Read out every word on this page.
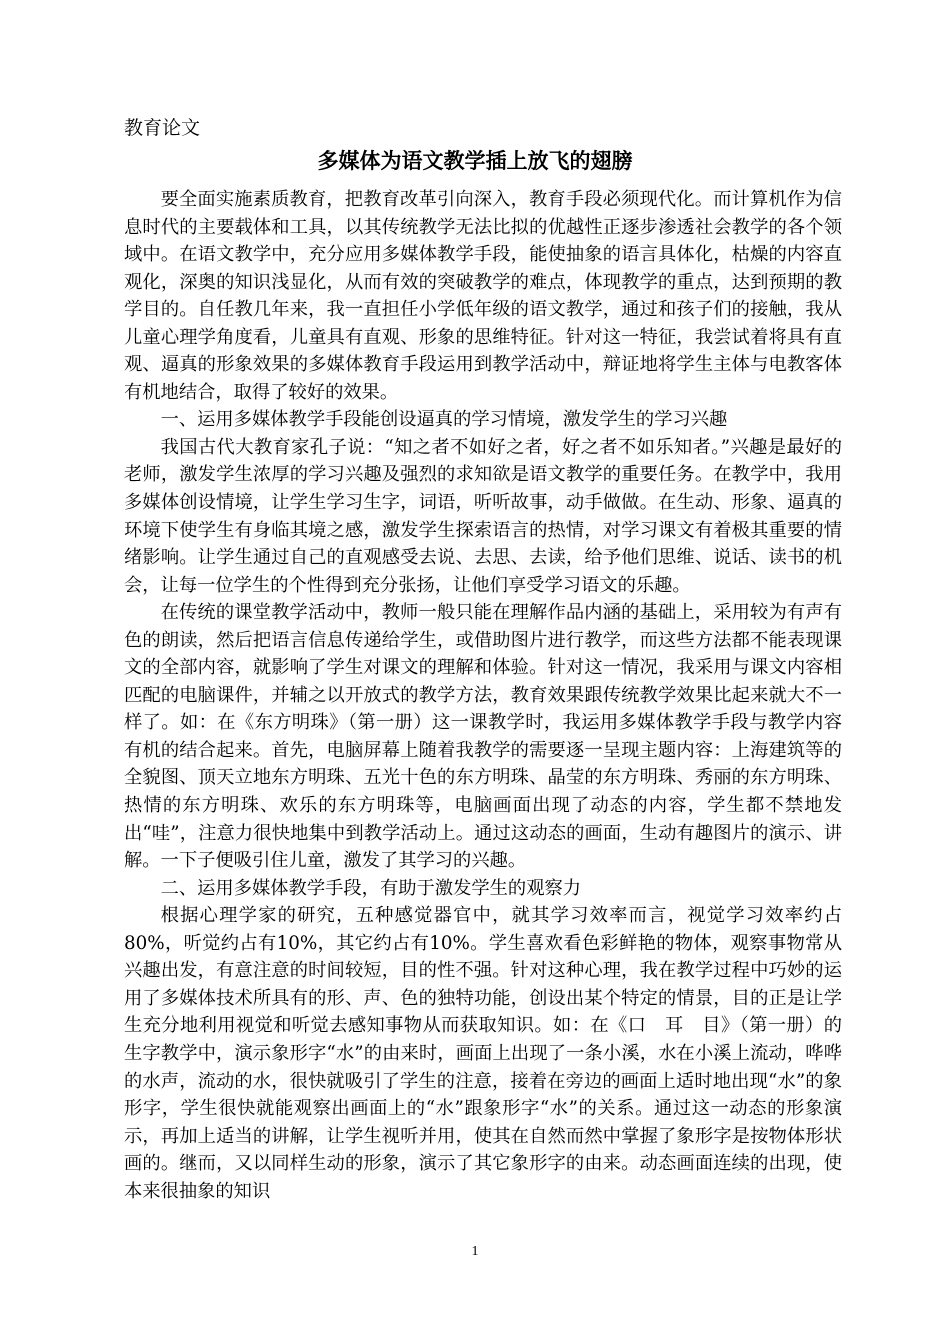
教育论文
多媒体为语文教学插上放飞的翅膀

要全面实施素质教育，把教育改革引向深入，教育手段必须现代化。而计算机作为信息时代的主要载体和工具，以其传统教学无法比拟的优越性正逐步渗透社会教学的各个领域中。在语文教学中，充分应用多媒体教学手段，能使抽象的语言具体化，枯燥的内容直观化，深奥的知识浅显化，从而有效的突破教学的难点，体现教学的重点，达到预期的教学目的。自任教几年来，我一直担任小学低年级的语文教学，通过和孩子们的接触，我从儿童心理学角度看，儿童具有直观、形象的思维特征。针对这一特征，我尝试着将具有直观、逼真的形象效果的多媒体教育手段运用到教学活动中，辩证地将学生主体与电教客体有机地结合，取得了较好的效果。

一、运用多媒体教学手段能创设逼真的学习情境，激发学生的学习兴趣

我国古代大教育家孔子说：“知之者不如好之者，好之者不如乐知者。”兴趣是最好的老师，激发学生浓厚的学习兴趣及强烈的求知欲是语文教学的重要任务。在教学中，我用多媒体创设情境，让学生学习生字，词语，听听故事，动手做做。在生动、形象、逼真的环境下使学生有身临其境之感，激发学生探索语言的热情，对学习课文有着极其重要的情绪影响。让学生通过自己的直观感受去说、去思、去读，给予他们思维、说话、读书的机会，让每一位学生的个性得到充分张扬，让他们享受学习语文的乐趣。

在传统的课堂教学活动中，教师一般只能在理解作品内涵的基础上，采用较为有声有色的朗读，然后把语言信息传递给学生，或借助图片进行教学，而这些方法都不能表现课文的全部内容，就影响了学生对课文的理解和体验。针对这一情况，我采用与课文内容相匹配的电脑课件，并辅之以开放式的教学方法，教育效果跟传统教学效果比起来就大不一样了。如：在《东方明珠》（第一册）这一课教学时，我运用多媒体教学手段与教学内容有机的结合起来。首先，电脑屏幕上随着我教学的需要逐一呈现主题内容：上海建筑等的全貌图、顶天立地东方明珠、五光十色的东方明珠、晶莹的东方明珠、秀丽的东方明珠、热情的东方明珠、欢乐的东方明珠等，电脑画面出现了动态的内容，学生都不禁地发出“哇”，注意力很快地集中到教学活动上。通过这动态的画面，生动有趣图片的演示、讲解。一下子便吸引住儿童，激发了其学习的兴趣。

二、运用多媒体教学手段，有助于激发学生的观察力

根据心理学家的研究，五种感觉器官中，就其学习效率而言，视觉学习效率约占80%，听觉约占有10%，其它约占有10%。学生喜欢看色彩鲜艳的物体，观察事物常从兴趣出发，有意注意的时间较短，目的性不强。针对这种心理，我在教学过程中巧妙的运用了多媒体技术所具有的形、声、色的独特功能，创设出某个特定的情景，目的正是让学生充分地利用视觉和听觉去感知事物从而获取知识。如：在《口　耳　目》（第一册）的生字教学中，演示象形字“水”的由来时，画面上出现了一条小溪，水在小溪上流动，哗哗的水声，流动的水，很快就吸引了学生的注意，接着在旁边的画面上适时地出现“水”的象形字，学生很快就能观察出画面上的“水”跟象形字“水”的关系。通过这一动态的形象演示，再加上适当的讲解，让学生视听并用，使其在自然而然中掌握了象形字是按物体形状画的。继而，又以同样生动的形象，演示了其它象形字的由来。动态画面连续的出现，使本来很抽象的知识

1
